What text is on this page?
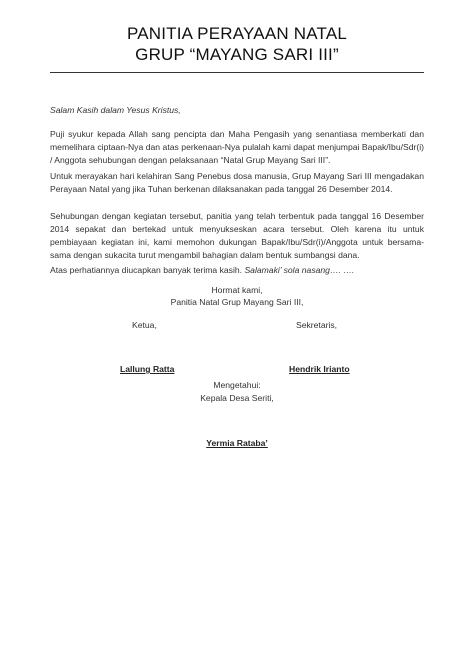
PANITIA PERAYAAN NATAL
GRUP “MAYANG SARI III”
Salam Kasih dalam Yesus Kristus,
Puji syukur kepada Allah sang pencipta dan Maha Pengasih yang senantiasa memberkati dan memelihara ciptaan-Nya dan atas perkenaan-Nya pulalah kami dapat menjumpai Bapak/Ibu/Sdr(i) / Anggota sehubungan dengan pelaksanaan “Natal Grup Mayang Sari III”.
Untuk merayakan hari kelahiran Sang Penebus dosa manusia, Grup Mayang Sari III mengadakan Perayaan Natal yang jika Tuhan berkenan dilaksanakan pada tanggal 26 Desember 2014.
Sehubungan dengan kegiatan tersebut, panitia yang telah terbentuk pada tanggal 16 Desember 2014 sepakat dan bertekad untuk menyukseskan acara tersebut. Oleh karena itu untuk pembiayaan kegiatan ini, kami memohon dukungan Bapak/Ibu/Sdr(i)/Anggota untuk bersama-sama dengan sukacita turut mengambil bahagian dalam bentuk sumbangsi dana.
Atas perhatiannya diucapkan banyak terima kasih. Salamaki’ sola nasang…. ….
Hormat kami,
Panitia Natal Grup Mayang Sari III,
Ketua,	Sekretaris,
Lallung Ratta	Hendrik Irianto
Mengetahui:
Kepala Desa Seriti,
Yermia Rataba’
